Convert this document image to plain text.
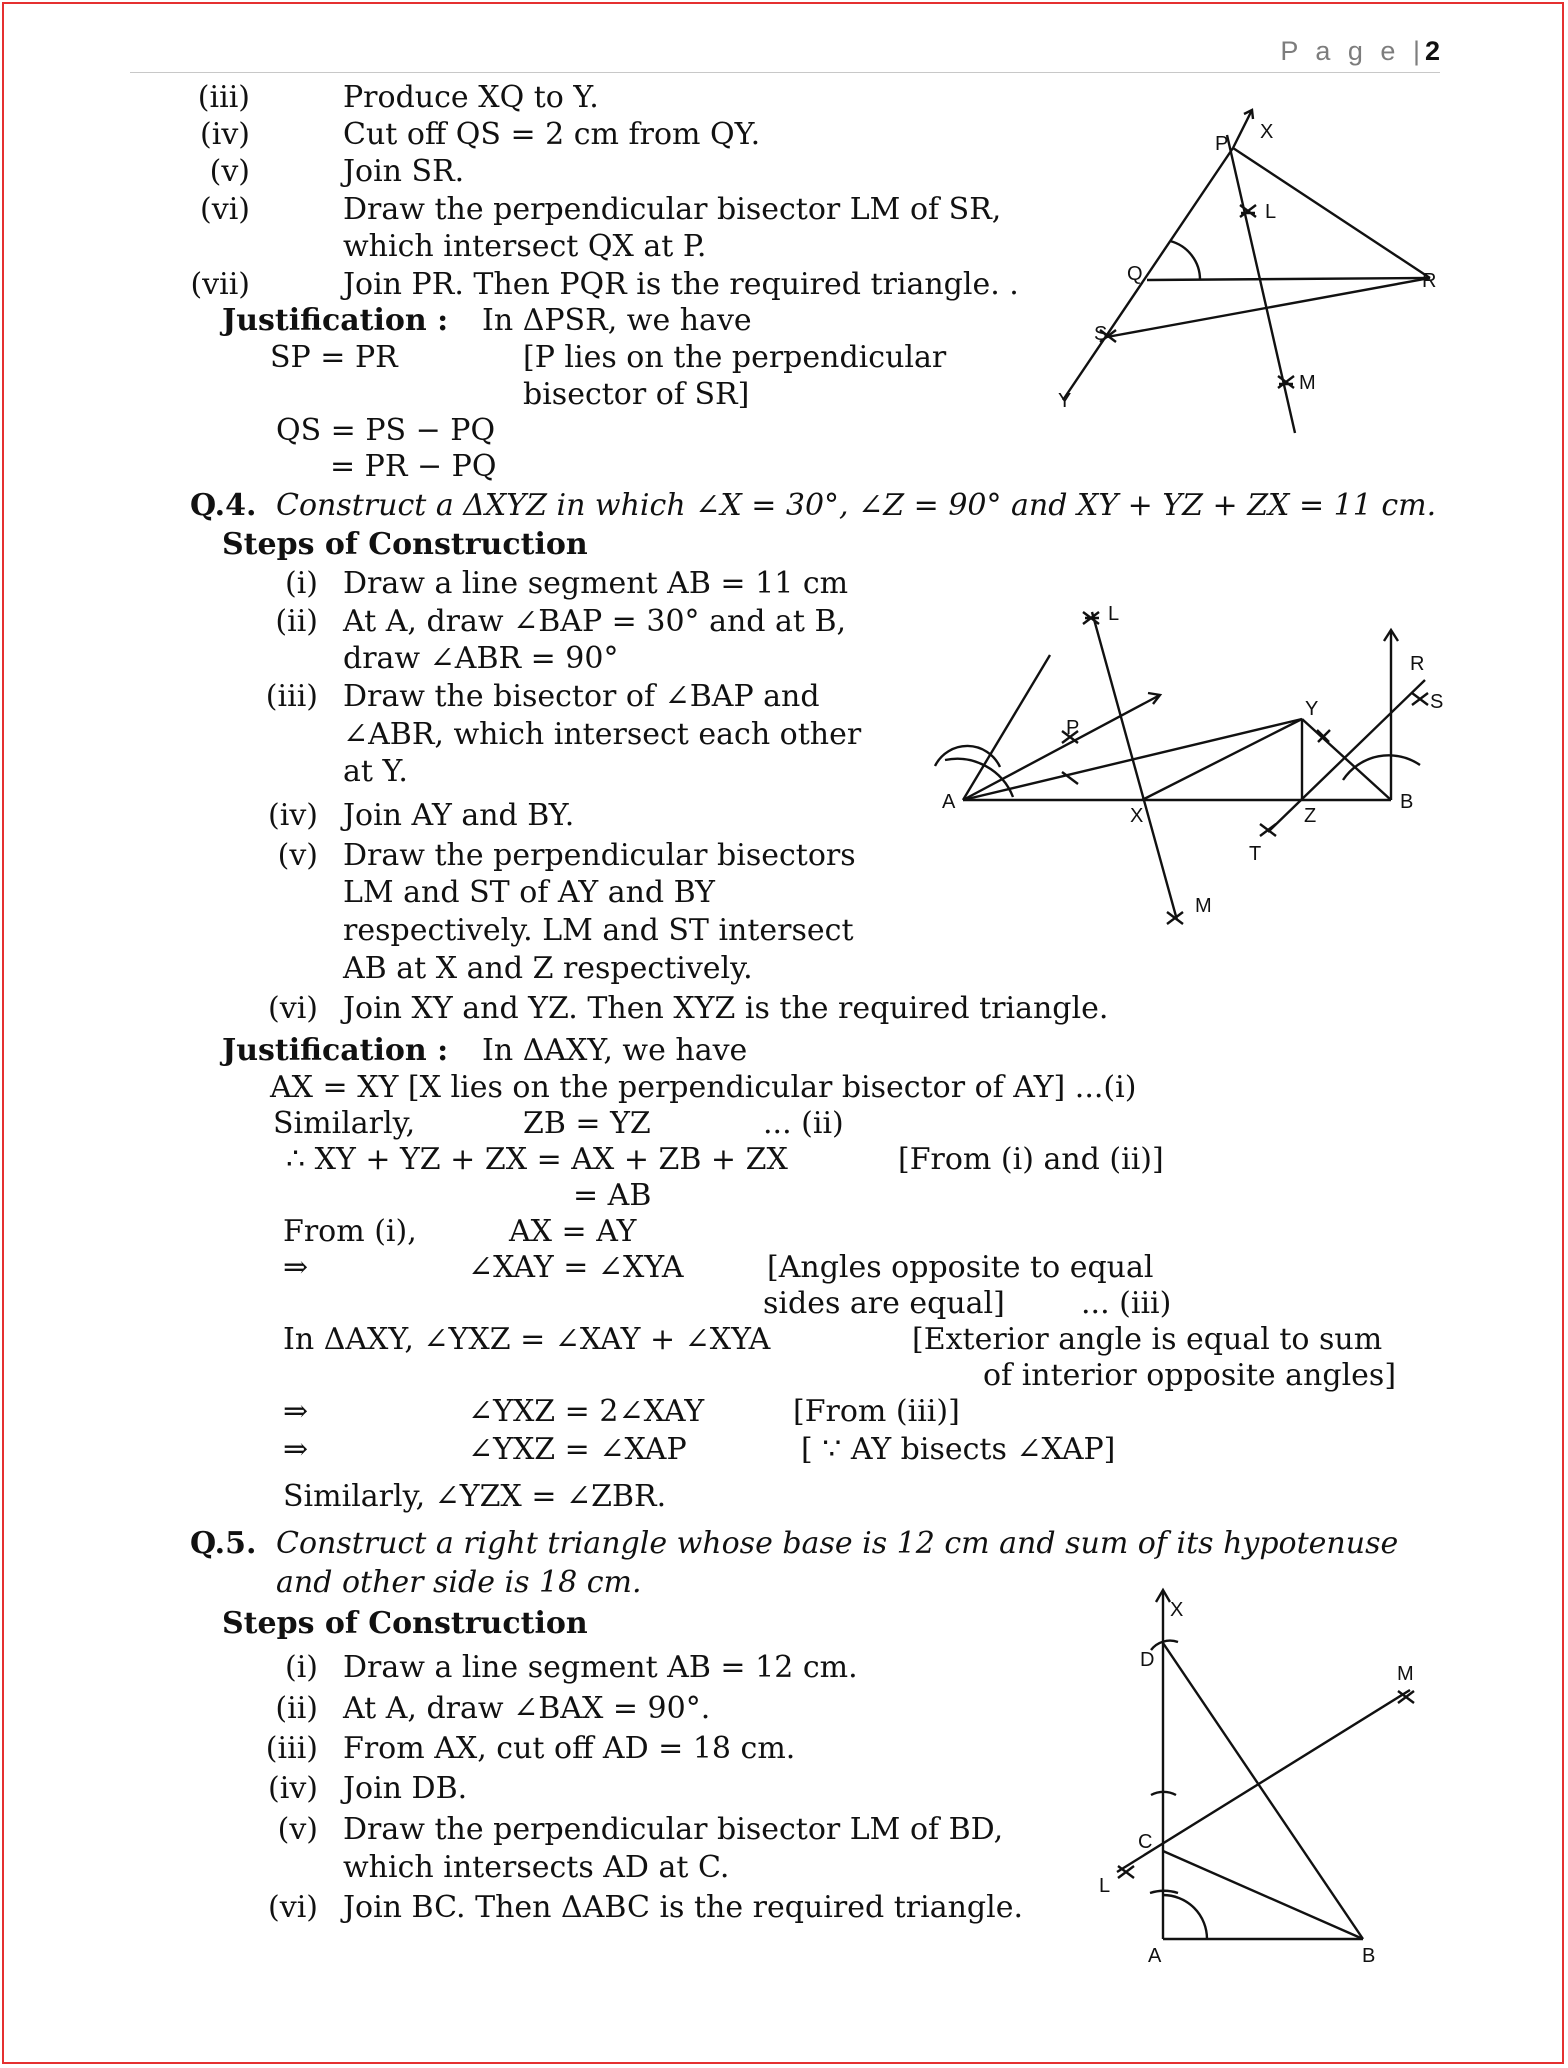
P a g e |2
(iii)	Produce XQ to Y.
(iv)	Cut off QS = 2 cm from QY.
(v)	Join SR.
(vi)	Draw the perpendicular bisector LM of SR,
which intersect QX at P.
(vii)	Join PR. Then PQR is the required triangle. .
Justification : In ΔPSR, we have
SP = PR	[P lies on the perpendicular
bisector of SR]
QS = PS − PQ
= PR − PQ
P
X
L
Q	R
S
M
Y
Q.4. Construct a ΔXYZ in which ∠X = 30°, ∠Z = 90° and XY + YZ + ZX = 11 cm.
Steps of Construction
(i) Draw a line segment AB = 11 cm
(ii) At A, draw ∠BAP = 30° and at B,
draw ∠ABR = 90°
(iii) Draw the bisector of ∠BAP and
∠ABR, which intersect each other
at Y.
(iv) Join AY and BY.
(v) Draw the perpendicular bisectors
LM and ST of AY and BY
respectively. LM and ST intersect
AB at X and Z respectively.
(vi) Join XY and YZ. Then XYZ is the required triangle.
Justification : In ΔAXY, we have
AX = XY [X lies on the perpendicular bisector of AY] ...(i)
Similarly,	ZB = YZ	... (ii)
∴ XY + YZ + ZX = AX + ZB + ZX	[From (i) and (ii)]
= AB
From (i),	AX = AY
⇒	∠XAY = ∠XYA	[Angles opposite to equal
sides are equal]	... (iii)
In ΔAXY, ∠YXZ = ∠XAY + ∠XYA	[Exterior angle is equal to sum
of interior opposite angles]
⇒	∠YXZ = 2∠XAY	[From (iii)]
⇒	∠YXZ = ∠XAP	[ ∵ AY bisects ∠XAP]
Similarly, ∠YZX = ∠ZBR.
L
P
R
S
Y
A
X	Z
B
T
M
Q.5. Construct a right triangle whose base is 12 cm and sum of its hypotenuse
and other side is 18 cm.
Steps of Construction
(i) Draw a line segment AB = 12 cm.
(ii) At A, draw ∠BAX = 90°.
(iii) From AX, cut off AD = 18 cm.
(iv) Join DB.
(v) Draw the perpendicular bisector LM of BD,
which intersects AD at C.
(vi) Join BC. Then ΔABC is the required triangle.
X
D
M
C
L
A	B
